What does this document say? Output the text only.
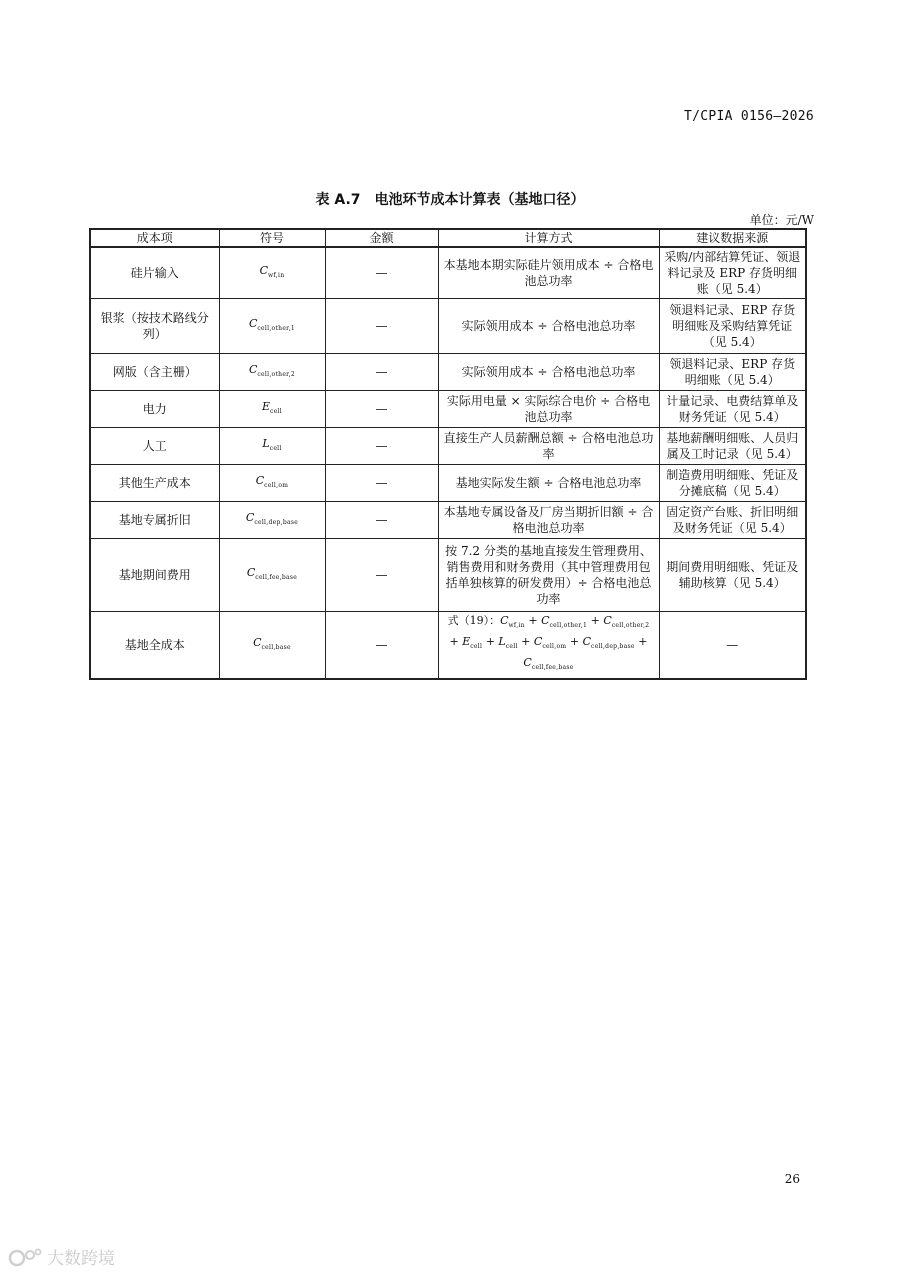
T/CPIA 0156—2026
表 A.7　电池环节成本计算表（基地口径）
单位：元/W
成本项	符号	金额	计算方式	建议数据来源
硅片输入	$C_{wf,in}$	—	本基地本期实际硅片领用成本 ÷ 合格电池总功率	采购/内部结算凭证、领退料记录及 ERP 存货明细账（见 5.4）
银浆（按技术路线分列）	$C_{cell,other,1}$	—	实际领用成本 ÷ 合格电池总功率	领退料记录、ERP 存货明细账及采购结算凭证（见 5.4）
网版（含主栅）	$C_{cell,other,2}$	—	实际领用成本 ÷ 合格电池总功率	领退料记录、ERP 存货明细账（见 5.4）
电力	$E_{cell}$	—	实际用电量 × 实际综合电价 ÷ 合格电池总功率	计量记录、电费结算单及财务凭证（见 5.4）
人工	$L_{cell}$	—	直接生产人员薪酬总额 ÷ 合格电池总功率	基地薪酬明细账、人员归属及工时记录（见 5.4）
其他生产成本	$C_{cell,om}$	—	基地实际发生额 ÷ 合格电池总功率	制造费用明细账、凭证及分摊底稿（见 5.4）
基地专属折旧	$C_{cell,dep,base}$	—	本基地专属设备及厂房当期折旧额 ÷ 合格电池总功率	固定资产台账、折旧明细及财务凭证（见 5.4）
基地期间费用	$C_{cell,fee,base}$	—	按 7.2 分类的基地直接发生管理费用、销售费用和财务费用（其中管理费用包括单独核算的研发费用）÷ 合格电池总功率	期间费用明细账、凭证及辅助核算（见 5.4）
基地全成本	$C_{cell,base}$	—	式（19）：$C_{wf,in} + C_{cell,other,1} + C_{cell,other,2} + E_{cell} + L_{cell} + C_{cell,om} + C_{cell,dep,base} + C_{cell,fee,base}$	—
26
大数跨境
